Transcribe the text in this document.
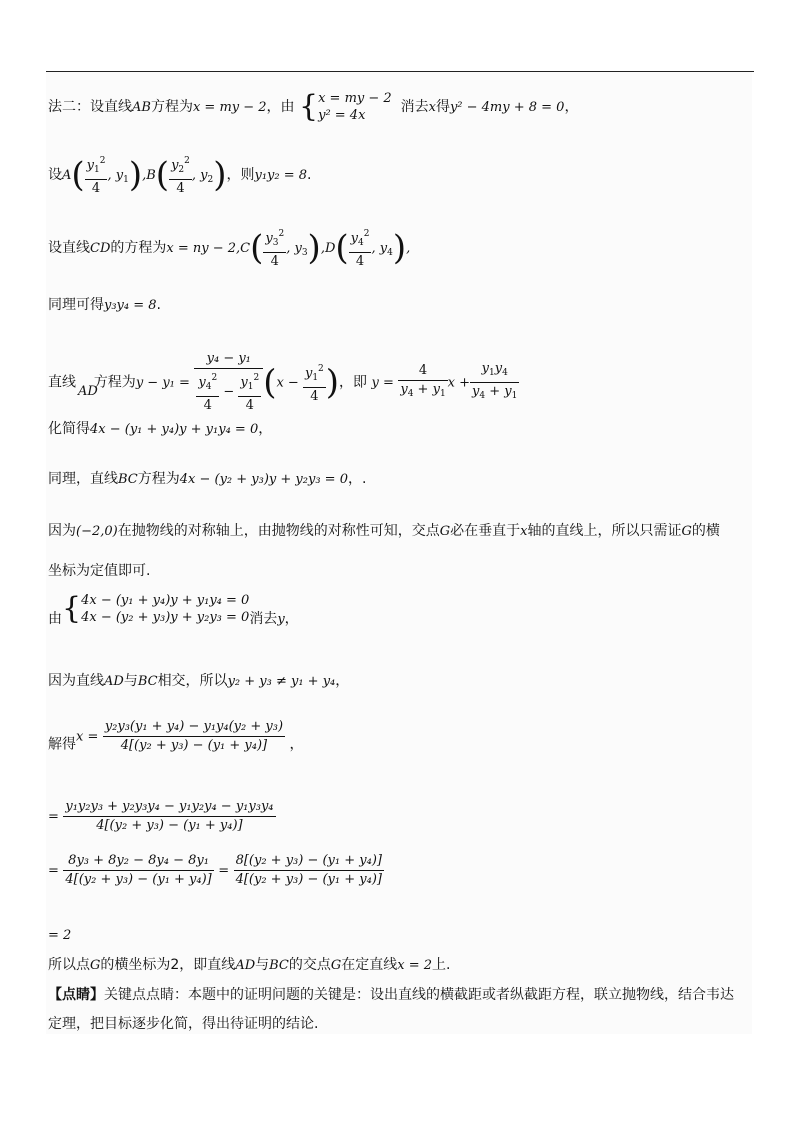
法二：设直线AB方程为x = my − 2，由 { x = my − 2
y² = 4x
消去x得y² − 4my + 8 = 0，
设$A( \frac{y_1^2}{4}$ , $y_1),B( \frac{y_2^2}{4}$ , $y_2$)，则y₁y₂ = 8.
设直线CD的方程为x = ny − $2,C( \frac{y_3^2}{4}$ , $y_3),D( \frac{y_4^2}{4}$ , $y_4$),
同理可得y₃y₄ = 8.
直线 方程为$y - y_1 = \frac{\text{y₄ − y₁}}{\frac{y_4^2}{4} - \frac{y_1^2}{4}} (x - \frac{y_1^2}{4}$ )，即 $y = \frac{4}{y_4 + y_1}$ $x + \frac{y_1y_4}{y_4 + y_1}$
AD
化简得4x − (y₁ + y₄)y + y₁y₄ = 0，
同理，直线BC方程为4x − (y₂ + y₃)y + y₂y₃ = 0，.
因为(−2,0)在抛物线的对称轴上，由抛物线的对称性可知，交点G必在垂直于x轴的直线上，所以只需证G的横
坐标为定值即可.
由{ 4x − (y₁ + y₄)y + y₁y₄ = 0
4x − (y₂ + y₃)y + y₂y₃ = 0 消去y，
因为直线AD与BC相交，所以y₂ + y₃ ≠ y₁ + y₄，
解得$x = \frac{\text{y₂y₃(y₁ + y₄) − y₁y₄(y₂ + y₃)}}{\text{4[(y₂ + y₃) − (y₁ + y₄)]}}$ ，
= $\frac{\text{y₁y₂y₃ + y₂y₃y₄ − y₁y₂y₄ − y₁y₃y₄}}{\text{4[(y₂ + y₃) − (y₁ + y₄)]}}$
= $\frac{\text{8y₃ + 8y₂ − 8y₄ − 8y₁}}{\text{4[(y₂ + y₃) − (y₁ + y₄)]}} = \frac{\text{8[(y₂ + y₃) − (y₁ + y₄)]}}{\text{4[(y₂ + y₃) − (y₁ + y₄)]}}$
= 2
所以点G的横坐标为2，即直线AD与BC的交点G在定直线x = 2上.
【点睛】关键点点睛：本题中的证明问题的关键是：设出直线的横截距或者纵截距方程，联立抛物线，结合韦达
定理，把目标逐步化简，得出待证明的结论.
